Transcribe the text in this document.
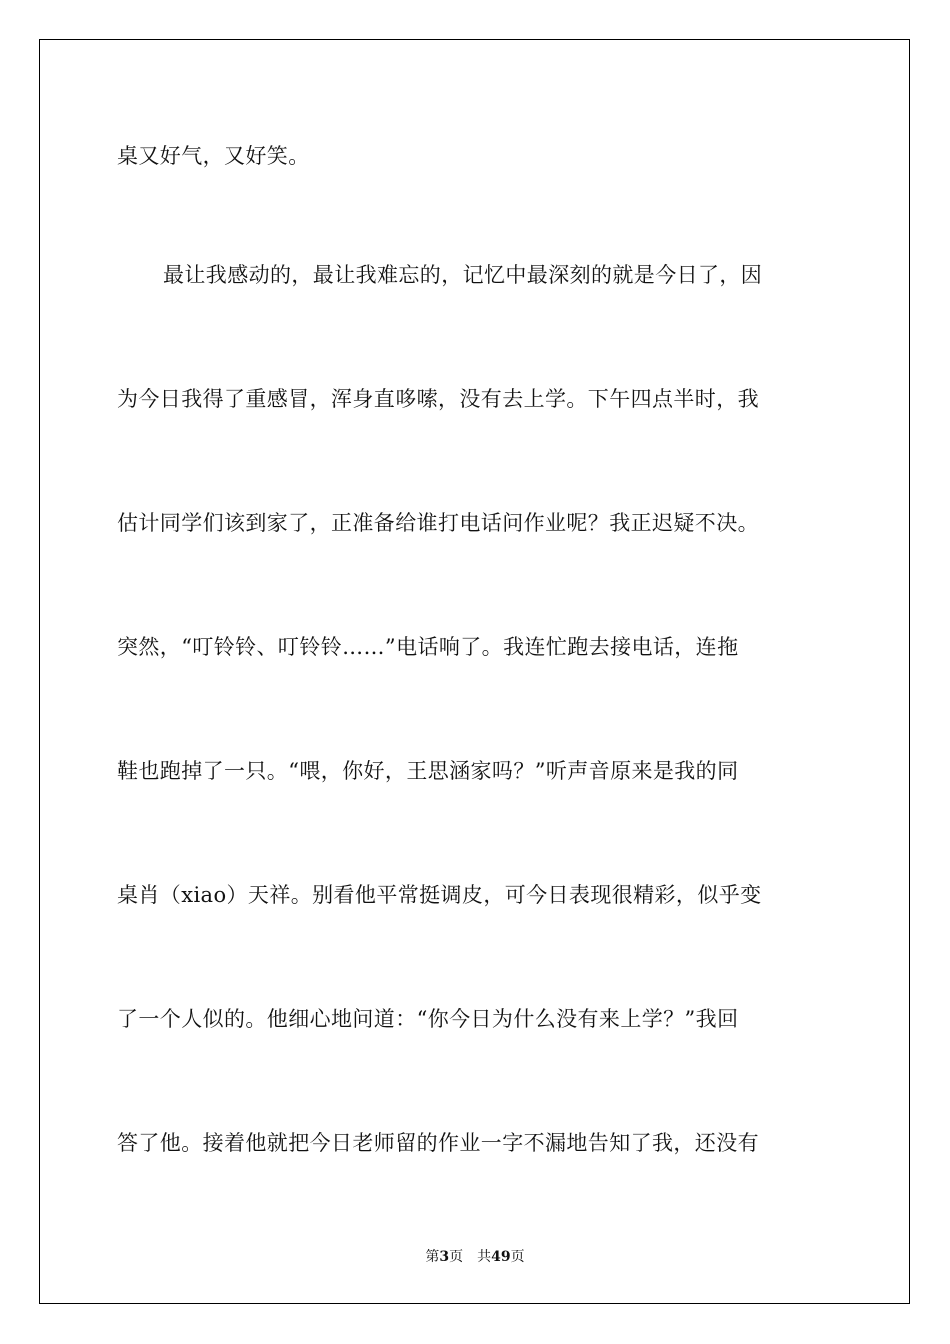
桌又好气，又好笑。
最让我感动的，最让我难忘的，记忆中最深刻的就是今日了，因
为今日我得了重感冒，浑身直哆嗦，没有去上学。下午四点半时，我
估计同学们该到家了，正准备给谁打电话问作业呢？我正迟疑不决。
突然，“叮铃铃、叮铃铃……”电话响了。我连忙跑去接电话，连拖
鞋也跑掉了一只。“喂，你好，王思涵家吗？”听声音原来是我的同
桌肖（xiao）天祥。别看他平常挺调皮，可今日表现很精彩，似乎变
了一个人似的。他细心地问道：“你今日为什么没有来上学？”我回
答了他。接着他就把今日老师留的作业一字不漏地告知了我，还没有
第3页 共49页
